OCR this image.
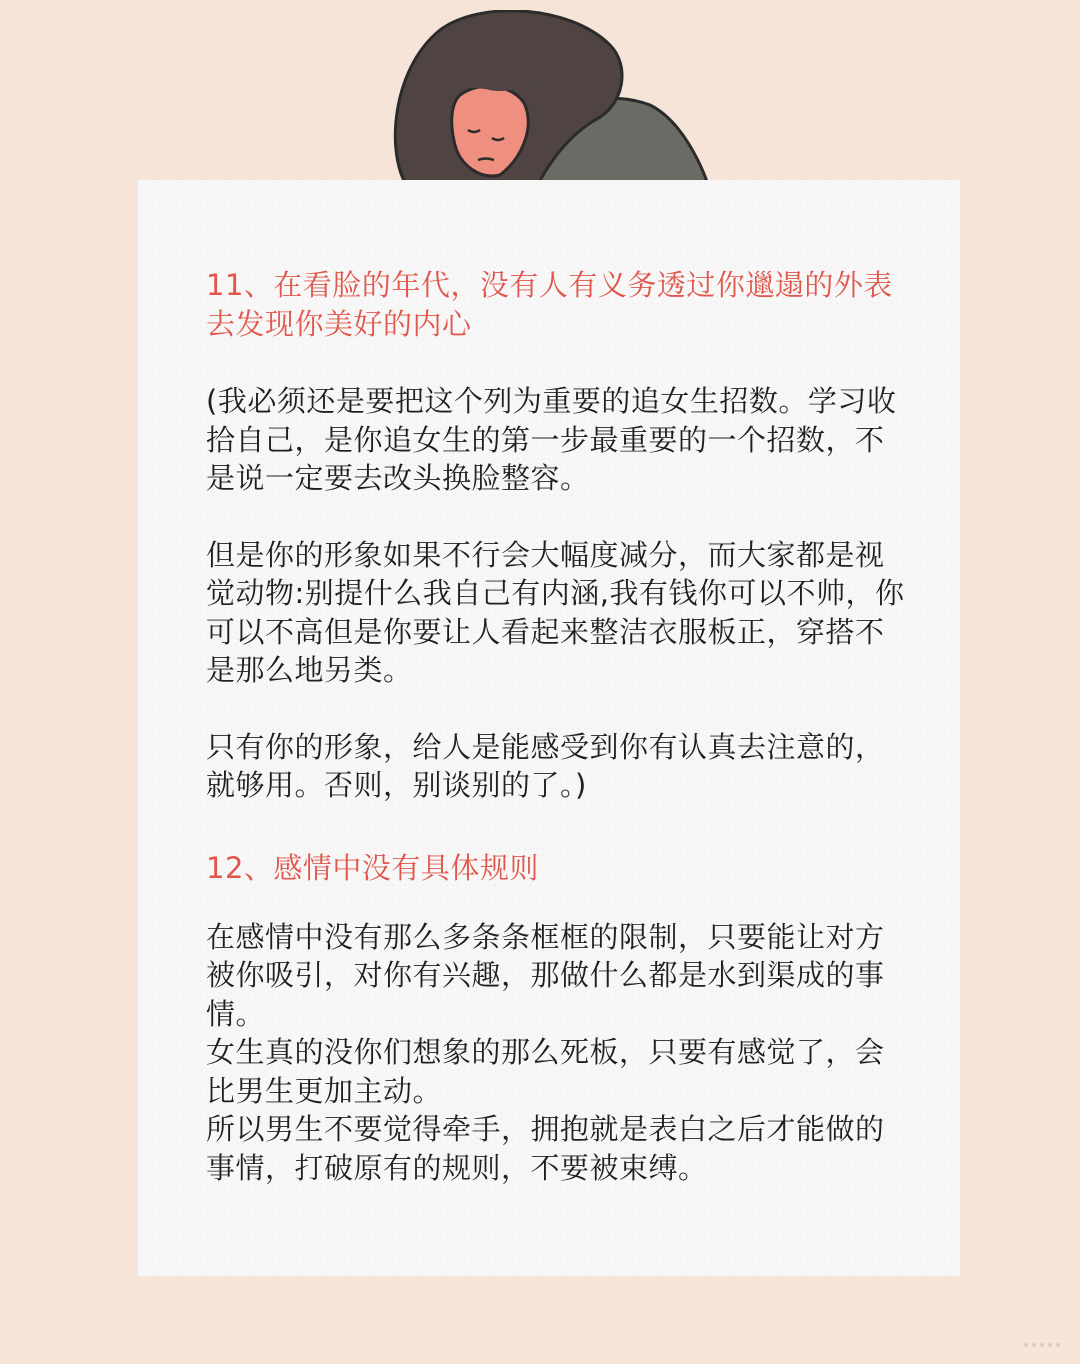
11、在看脸的年代，没有人有义务透过你邋遢的外表去发现你美好的内心

(我必须还是要把这个列为重要的追女生招数。学习收拾自己，是你追女生的第一步最重要的一个招数，不是说一定要去改头换脸整容。

但是你的形象如果不行会大幅度减分，而大家都是视觉动物:别提什么我自己有内涵,我有钱你可以不帅，你可以不高但是你要让人看起来整洁衣服板正，穿搭不是那么地另类。

只有你的形象，给人是能感受到你有认真去注意的，就够用。否则，别谈别的了。)

12、感情中没有具体规则

在感情中没有那么多条条框框的限制，只要能让对方被你吸引，对你有兴趣，那做什么都是水到渠成的事情。

女生真的没你们想象的那么死板，只要有感觉了，会比男生更加主动。

所以男生不要觉得牵手，拥抱就是表白之后才能做的事情，打破原有的规则，不要被束缚。
